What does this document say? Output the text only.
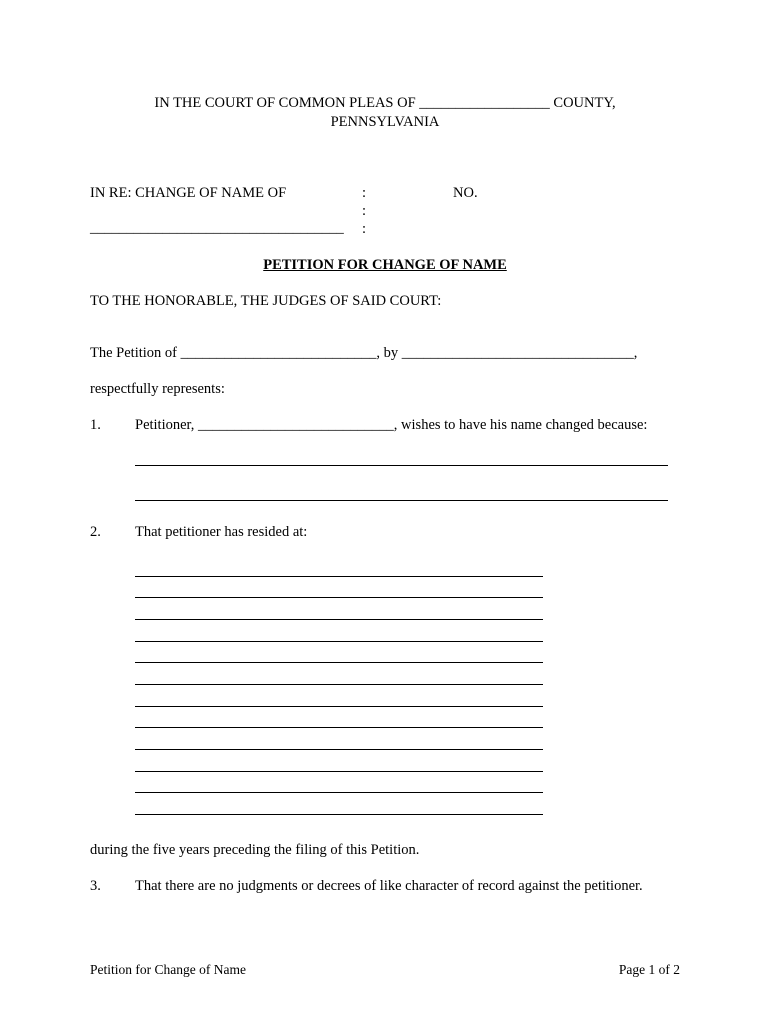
IN THE COURT OF COMMON PLEAS OF __________________ COUNTY,
PENNSYLVANIA
IN RE: CHANGE OF NAME OF	:	NO.
:
___________________________________ :
PETITION FOR CHANGE OF NAME
TO THE HONORABLE, THE JUDGES OF SAID COURT:
The Petition of ___________________________, by ________________________________,
respectfully represents:
1. Petitioner, ___________________________, wishes to have his name changed because:
2. That petitioner has resided at:
during the five years preceding the filing of this Petition.
3. That there are no judgments or decrees of like character of record against the petitioner.
Petition for Change of Name	Page 1 of 2
